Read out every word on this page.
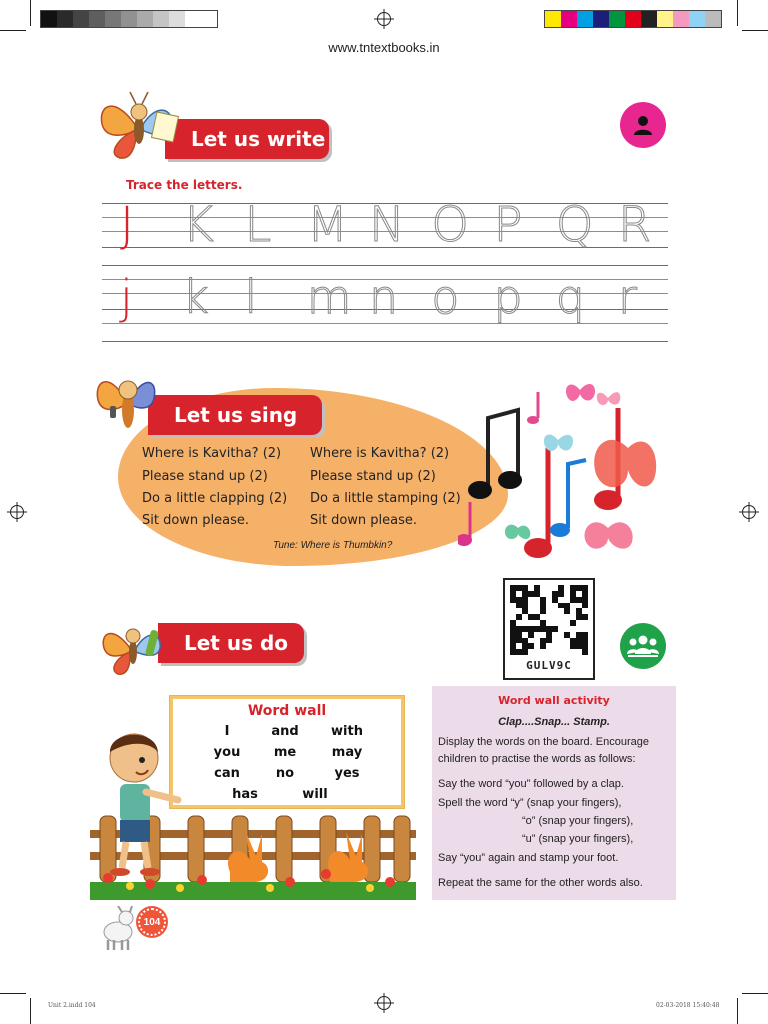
www.tntextbooks.in
Let us write
Trace the letters.
J	K L M N O P Q R
j	k l	m n o p q r
Let us sing
Where is Kavitha? (2)
Please stand up (2)
Do a little clapping (2)
Sit down please.
Where is Kavitha? (2)
Please stand up (2)
Do a little stamping (2)
Sit down please.
Tune: Where is Thumbkin?
GULV9C
Let us do
Word wall
I	and with
you	me	may
can	no	yes
has	will
Word wall activity
Clap....Snap... Stamp.
Display the words on the board. Encourage
children to practise the words as follows:
Say the word “you” followed by a clap.
Spell the word “y” (snap your fingers),
“o” (snap your fingers),
“u” (snap your fingers),
Say “you” again and stamp your foot.
Repeat the same for the other words also.
104
Unit 2.indd 104	02-03-2018 15:40:48
